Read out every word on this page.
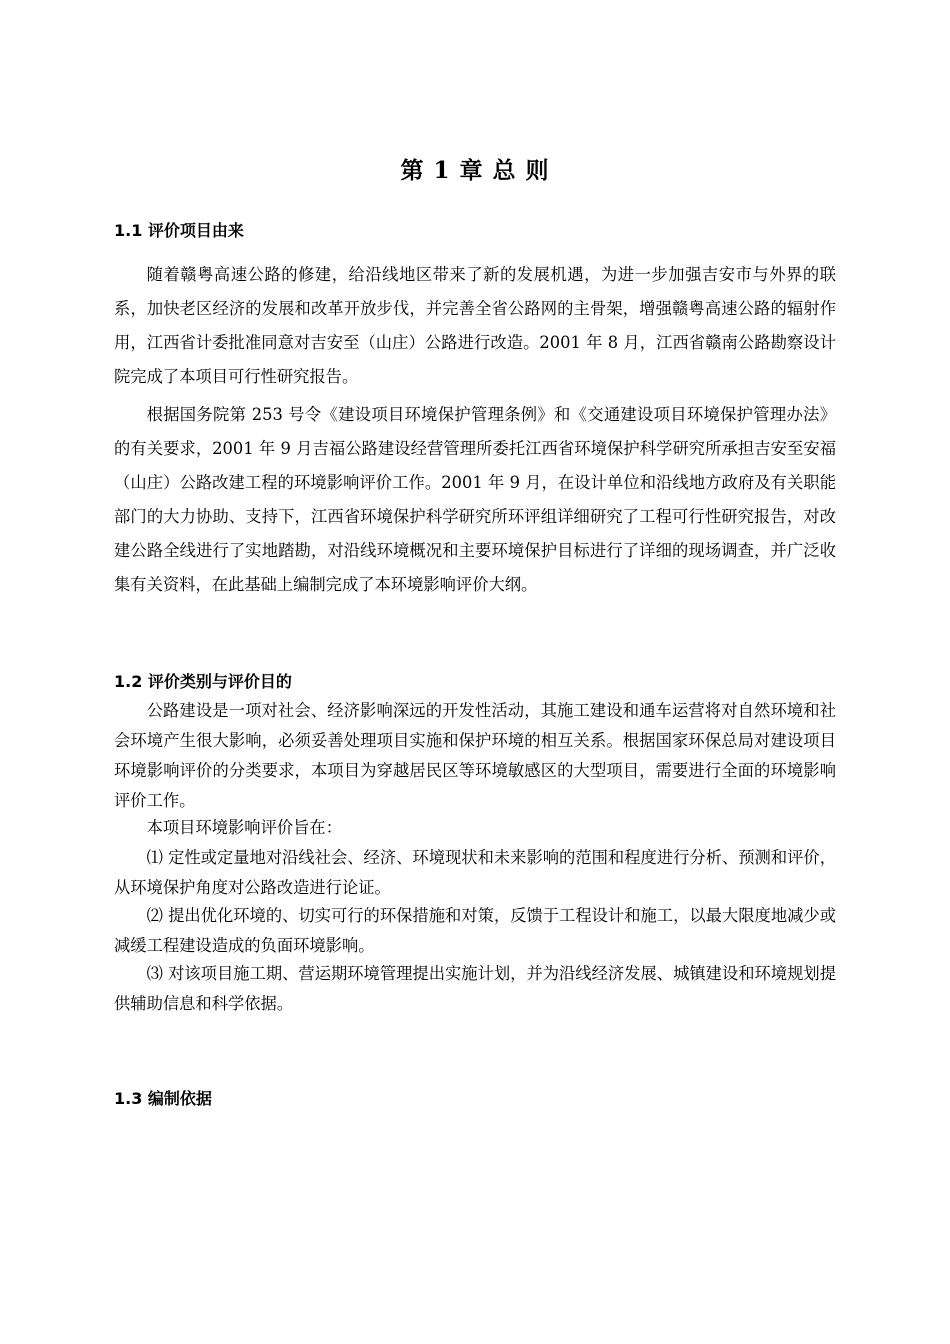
第 1 章 总 则
1.1 评价项目由来

随着赣粤高速公路的修建，给沿线地区带来了新的发展机遇，为进一步加强吉安市与外界的联系，加快老区经济的发展和改革开放步伐，并完善全省公路网的主骨架，增强赣粤高速公路的辐射作用，江西省计委批准同意对吉安至（山庄）公路进行改造。2001 年 8 月，江西省赣南公路勘察设计院完成了本项目可行性研究报告。

根据国务院第 253 号令《建设项目环境保护管理条例》和《交通建设项目环境保护管理办法》的有关要求，2001 年 9 月吉福公路建设经营管理所委托江西省环境保护科学研究所承担吉安至安福（山庄）公路改建工程的环境影响评价工作。2001 年 9 月，在设计单位和沿线地方政府及有关职能部门的大力协助、支持下，江西省环境保护科学研究所环评组详细研究了工程可行性研究报告，对改建公路全线进行了实地踏勘，对沿线环境概况和主要环境保护目标进行了详细的现场调查，并广泛收集有关资料，在此基础上编制完成了本环境影响评价大纲。

1.2 评价类别与评价目的

公路建设是一项对社会、经济影响深远的开发性活动，其施工建设和通车运营将对自然环境和社会环境产生很大影响，必须妥善处理项目实施和保护环境的相互关系。根据国家环保总局对建设项目环境影响评价的分类要求，本项目为穿越居民区等环境敏感区的大型项目，需要进行全面的环境影响评价工作。

本项目环境影响评价旨在：

⑴ 定性或定量地对沿线社会、经济、环境现状和未来影响的范围和程度进行分析、预测和评价，从环境保护角度对公路改造进行论证。

⑵ 提出优化环境的、切实可行的环保措施和对策，反馈于工程设计和施工，以最大限度地减少或减缓工程建设造成的负面环境影响。

⑶ 对该项目施工期、营运期环境管理提出实施计划，并为沿线经济发展、城镇建设和环境规划提供辅助信息和科学依据。

1.3 编制依据
